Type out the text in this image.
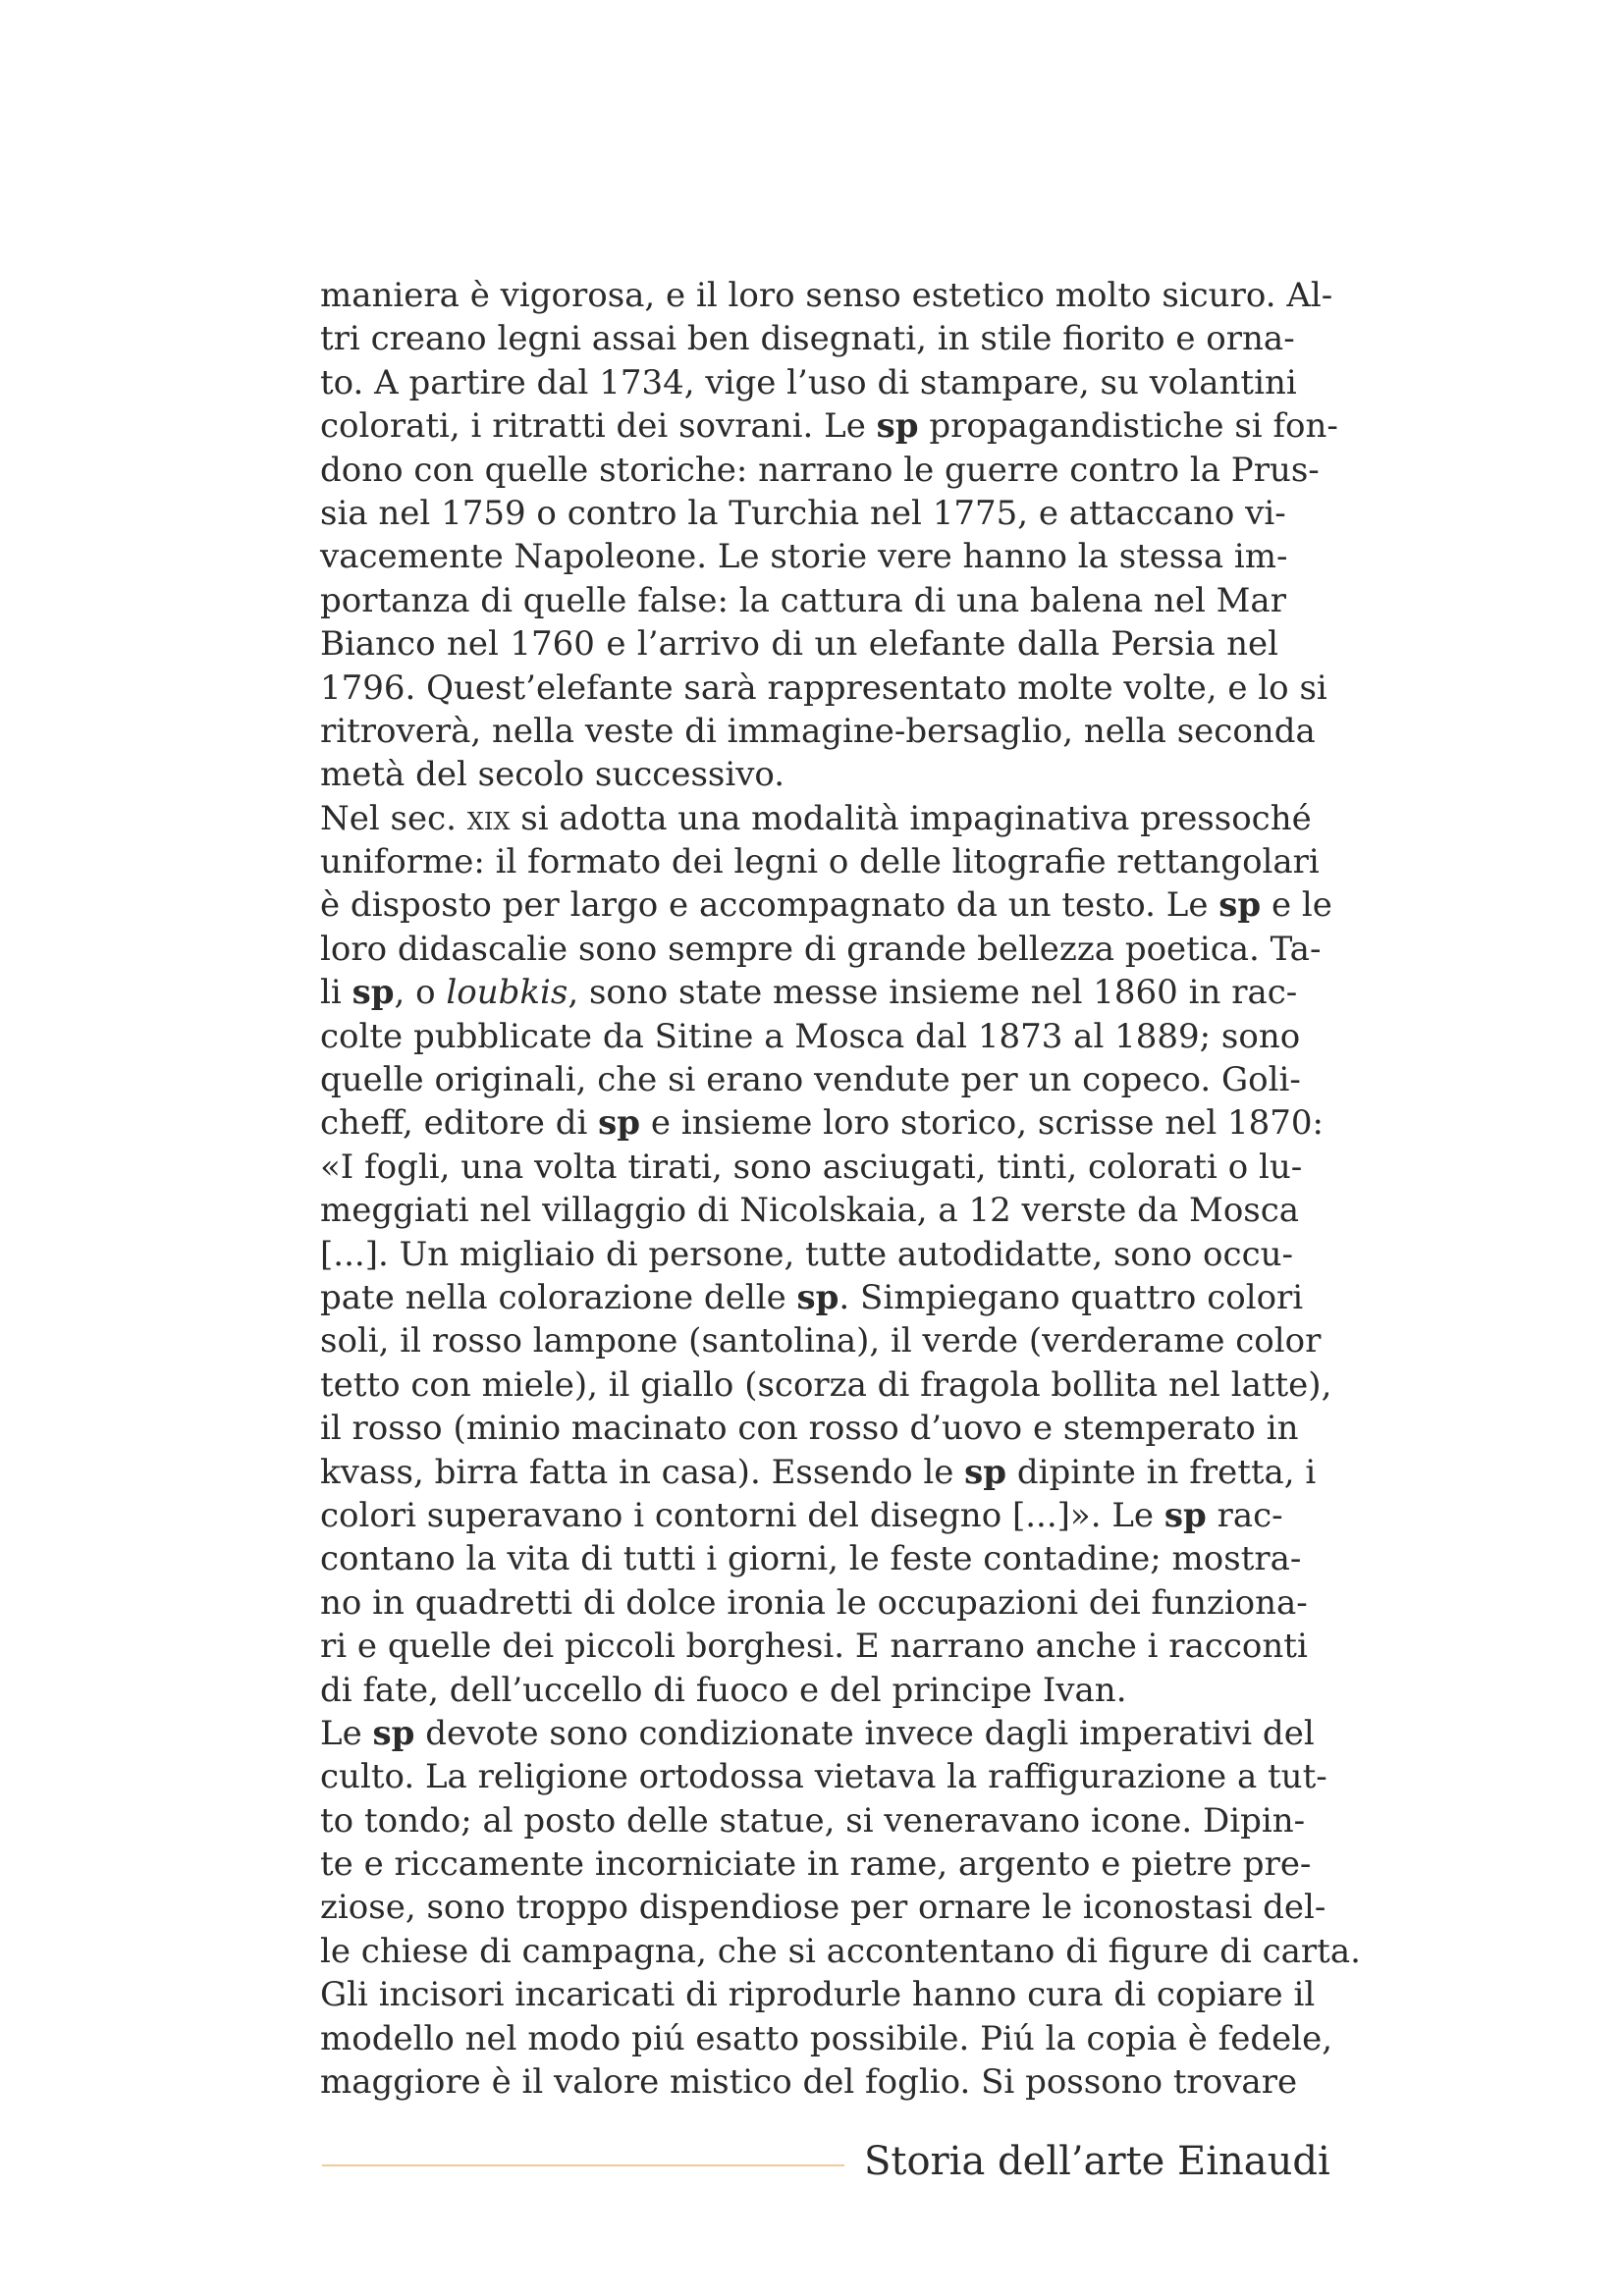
maniera è vigorosa, e il loro senso estetico molto sicuro. Al-
tri creano legni assai ben disegnati, in stile fiorito e orna-
to. A partire dal 1734, vige l’uso di stampare, su volantini
colorati, i ritratti dei sovrani. Le sp propagandistiche si fon-
dono con quelle storiche: narrano le guerre contro la Prus-
sia nel 1759 o contro la Turchia nel 1775, e attaccano vi-
vacemente Napoleone. Le storie vere hanno la stessa im-
portanza di quelle false: la cattura di una balena nel Mar
Bianco nel 1760 e l’arrivo di un elefante dalla Persia nel
1796. Quest’elefante sarà rappresentato molte volte, e lo si
ritroverà, nella veste di immagine-bersaglio, nella seconda
metà del secolo successivo.
Nel sec. xix si adotta una modalità impaginativa pressoché
uniforme: il formato dei legni o delle litografie rettangolari
è disposto per largo e accompagnato da un testo. Le sp e le
loro didascalie sono sempre di grande bellezza poetica. Ta-
li sp, o loubkis, sono state messe insieme nel 1860 in rac-
colte pubblicate da Sitine a Mosca dal 1873 al 1889; sono
quelle originali, che si erano vendute per un copeco. Goli-
cheff, editore di sp e insieme loro storico, scrisse nel 1870:
«I fogli, una volta tirati, sono asciugati, tinti, colorati o lu-
meggiati nel villaggio di Nicolskaia, a 12 verste da Mosca
[...]. Un migliaio di persone, tutte autodidatte, sono occu-
pate nella colorazione delle sp. Simpiegano quattro colori
soli, il rosso lampone (santolina), il verde (verderame color
tetto con miele), il giallo (scorza di fragola bollita nel latte),
il rosso (minio macinato con rosso d’uovo e stemperato in
kvass, birra fatta in casa). Essendo le sp dipinte in fretta, i
colori superavano i contorni del disegno [...]». Le sp rac-
contano la vita di tutti i giorni, le feste contadine; mostra-
no in quadretti di dolce ironia le occupazioni dei funziona-
ri e quelle dei piccoli borghesi. E narrano anche i racconti
di fate, dell’uccello di fuoco e del principe Ivan.
Le sp devote sono condizionate invece dagli imperativi del
culto. La religione ortodossa vietava la raffigurazione a tut-
to tondo; al posto delle statue, si veneravano icone. Dipin-
te e riccamente incorniciate in rame, argento e pietre pre-
ziose, sono troppo dispendiose per ornare le iconostasi del-
le chiese di campagna, che si accontentano di figure di carta.
Gli incisori incaricati di riprodurle hanno cura di copiare il
modello nel modo piú esatto possibile. Piú la copia è fedele,
maggiore è il valore mistico del foglio. Si possono trovare
Storia dell’arte Einaudi
